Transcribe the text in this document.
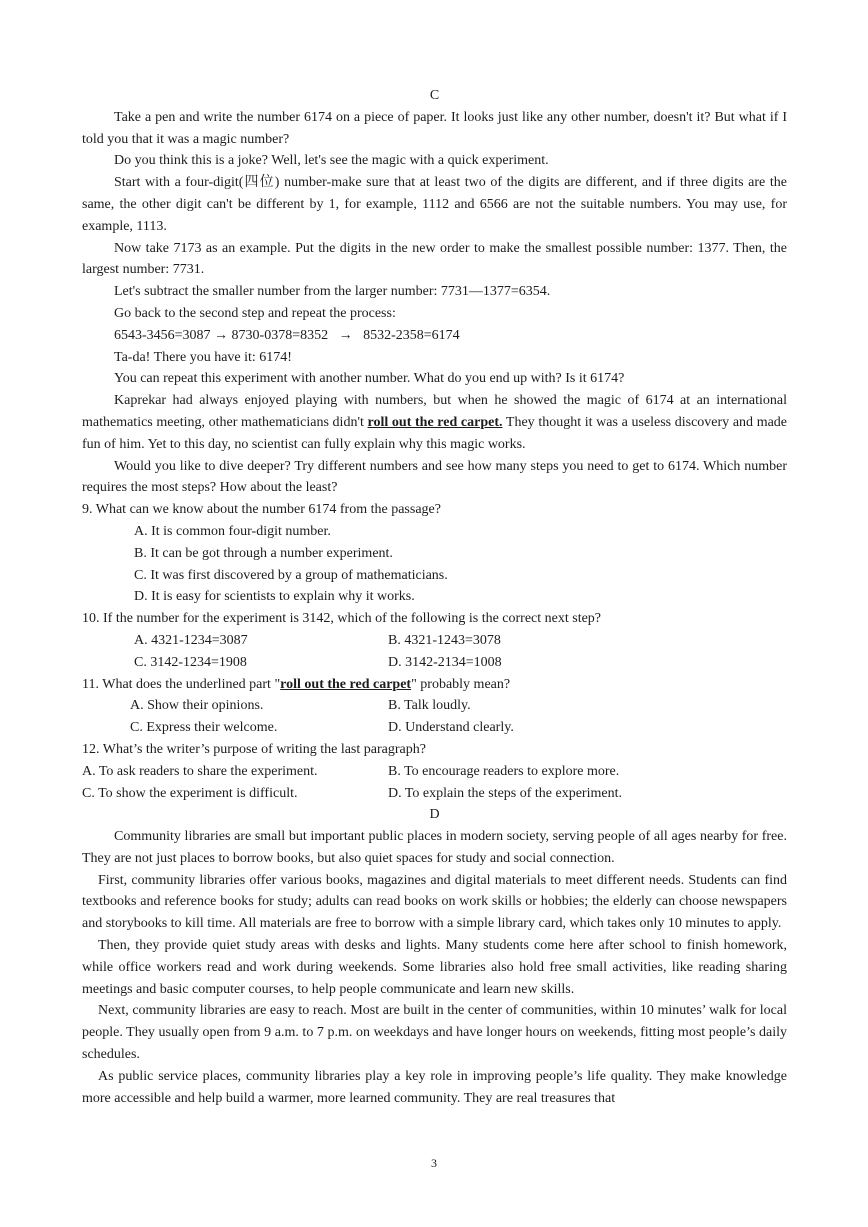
C
Take a pen and write the number 6174 on a piece of paper. It looks just like any other number, doesn't it? But what if I told you that it was a magic number?
Do you think this is a joke? Well, let's see the magic with a quick experiment.
Start with a four-digit(四位) number-make sure that at least two of the digits are different, and if three digits are the same, the other digit can't be different by 1, for example, 1112 and 6566 are not the suitable numbers. You may use, for example, 1113.
Now take 7173 as an example. Put the digits in the new order to make the smallest possible number: 1377. Then, the largest number: 7731.
Let's subtract the smaller number from the larger number: 7731—1377=6354.
Go back to the second step and repeat the process:
6543-3456=3087 → 8730-0378=8352   →   8532-2358=6174
Ta-da! There you have it: 6174!
You can repeat this experiment with another number. What do you end up with? Is it 6174?
Kaprekar had always enjoyed playing with numbers, but when he showed the magic of 6174 at an international mathematics meeting, other mathematicians didn't roll out the red carpet. They thought it was a useless discovery and made fun of him. Yet to this day, no scientist can fully explain why this magic works.
Would you like to dive deeper? Try different numbers and see how many steps you need to get to 6174. Which number requires the most steps? How about the least?
9. What can we know about the number 6174 from the passage?
A. It is common four-digit number.
B. It can be got through a number experiment.
C. It was first discovered by a group of mathematicians.
D. It is easy for scientists to explain why it works.
10. If the number for the experiment is 3142, which of the following is the correct next step?
A. 4321-1234=3087	B. 4321-1243=3078
C. 3142-1234=1908	D. 3142-2134=1008
11. What does the underlined part "roll out the red carpet" probably mean?
A. Show their opinions.	B. Talk loudly.
C. Express their welcome.	D. Understand clearly.
12. What’s the writer’s purpose of writing the last paragraph?
A. To ask readers to share the experiment.	B. To encourage readers to explore more.
C. To show the experiment is difficult.	D. To explain the steps of the experiment.
D
Community libraries are small but important public places in modern society, serving people of all ages nearby for free. They are not just places to borrow books, but also quiet spaces for study and social connection.
First, community libraries offer various books, magazines and digital materials to meet different needs. Students can find textbooks and reference books for study; adults can read books on work skills or hobbies; the elderly can choose newspapers and storybooks to kill time. All materials are free to borrow with a simple library card, which takes only 10 minutes to apply.
Then, they provide quiet study areas with desks and lights. Many students come here after school to finish homework, while office workers read and work during weekends. Some libraries also hold free small activities, like reading sharing meetings and basic computer courses, to help people communicate and learn new skills.
Next, community libraries are easy to reach. Most are built in the center of communities, within 10 minutes’ walk for local people. They usually open from 9 a.m. to 7 p.m. on weekdays and have longer hours on weekends, fitting most people’s daily schedules.
As public service places, community libraries play a key role in improving people’s life quality. They make knowledge more accessible and help build a warmer, more learned community. They are real treasures that
3
